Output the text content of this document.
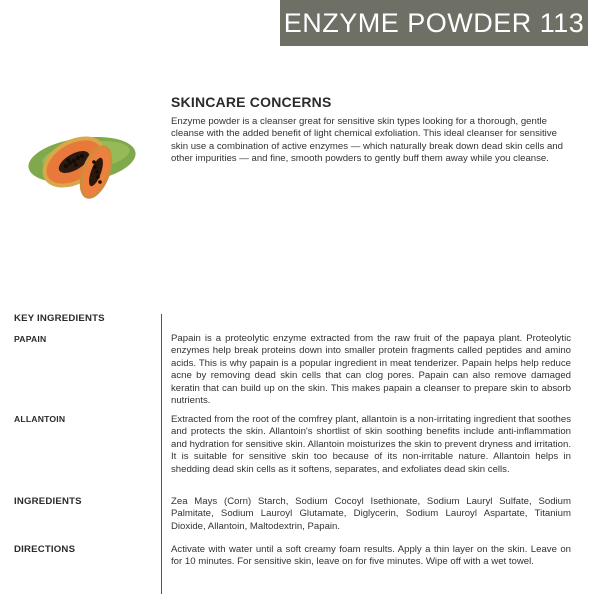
ENZYME POWDER 113
SKINCARE CONCERNS

Enzyme powder is a cleanser great for sensitive skin types looking for a thorough, gentle cleanse with the added benefit of light chemical exfoliation. This ideal cleanser for sensitive skin use a combination of active enzymes — which naturally break down dead skin cells and other impurities — and fine, smooth powders to gently buff them away while you cleanse.

KEY INGREDIENTS
PAPAIN	Papain is a proteolytic enzyme extracted from the raw fruit of the papaya plant. Proteolytic enzymes help break proteins down into smaller protein fragments called peptides and amino acids. This is why papain is a popular ingredient in meat tenderizer. Papain helps help reduce acne by removing dead skin cells that can clog pores. Papain can also remove damaged keratin that can build up on the skin. This makes papain a cleanser to prepare skin to absorb nutrients.

ALLANTOIN	Extracted from the root of the comfrey plant, allantoin is a non-irritating ingredient that soothes and protects the skin. Allantoin's shortlist of skin soothing benefits include anti-inflammation and hydration for sensitive skin. Allantoin moisturizes the skin to prevent dryness and irritation. It is suitable for sensitive skin too because of its non-irritable nature. Allantoin helps in shedding dead skin cells as it softens, separates, and exfoliates dead skin cells.

INGREDIENTS	Zea Mays (Corn) Starch, Sodium Cocoyl Isethionate, Sodium Lauryl Sulfate, Sodium Palmitate, Sodium Lauroyl Glutamate, Diglycerin, Sodium Lauroyl Aspartate, Titanium Dioxide, Allantoin, Maltodextrin, Papain.

DIRECTIONS	Activate with water until a soft creamy foam results. Apply a thin layer on the skin. Leave on for 10 minutes. For sensitive skin, leave on for five minutes. Wipe off with a wet towel.
